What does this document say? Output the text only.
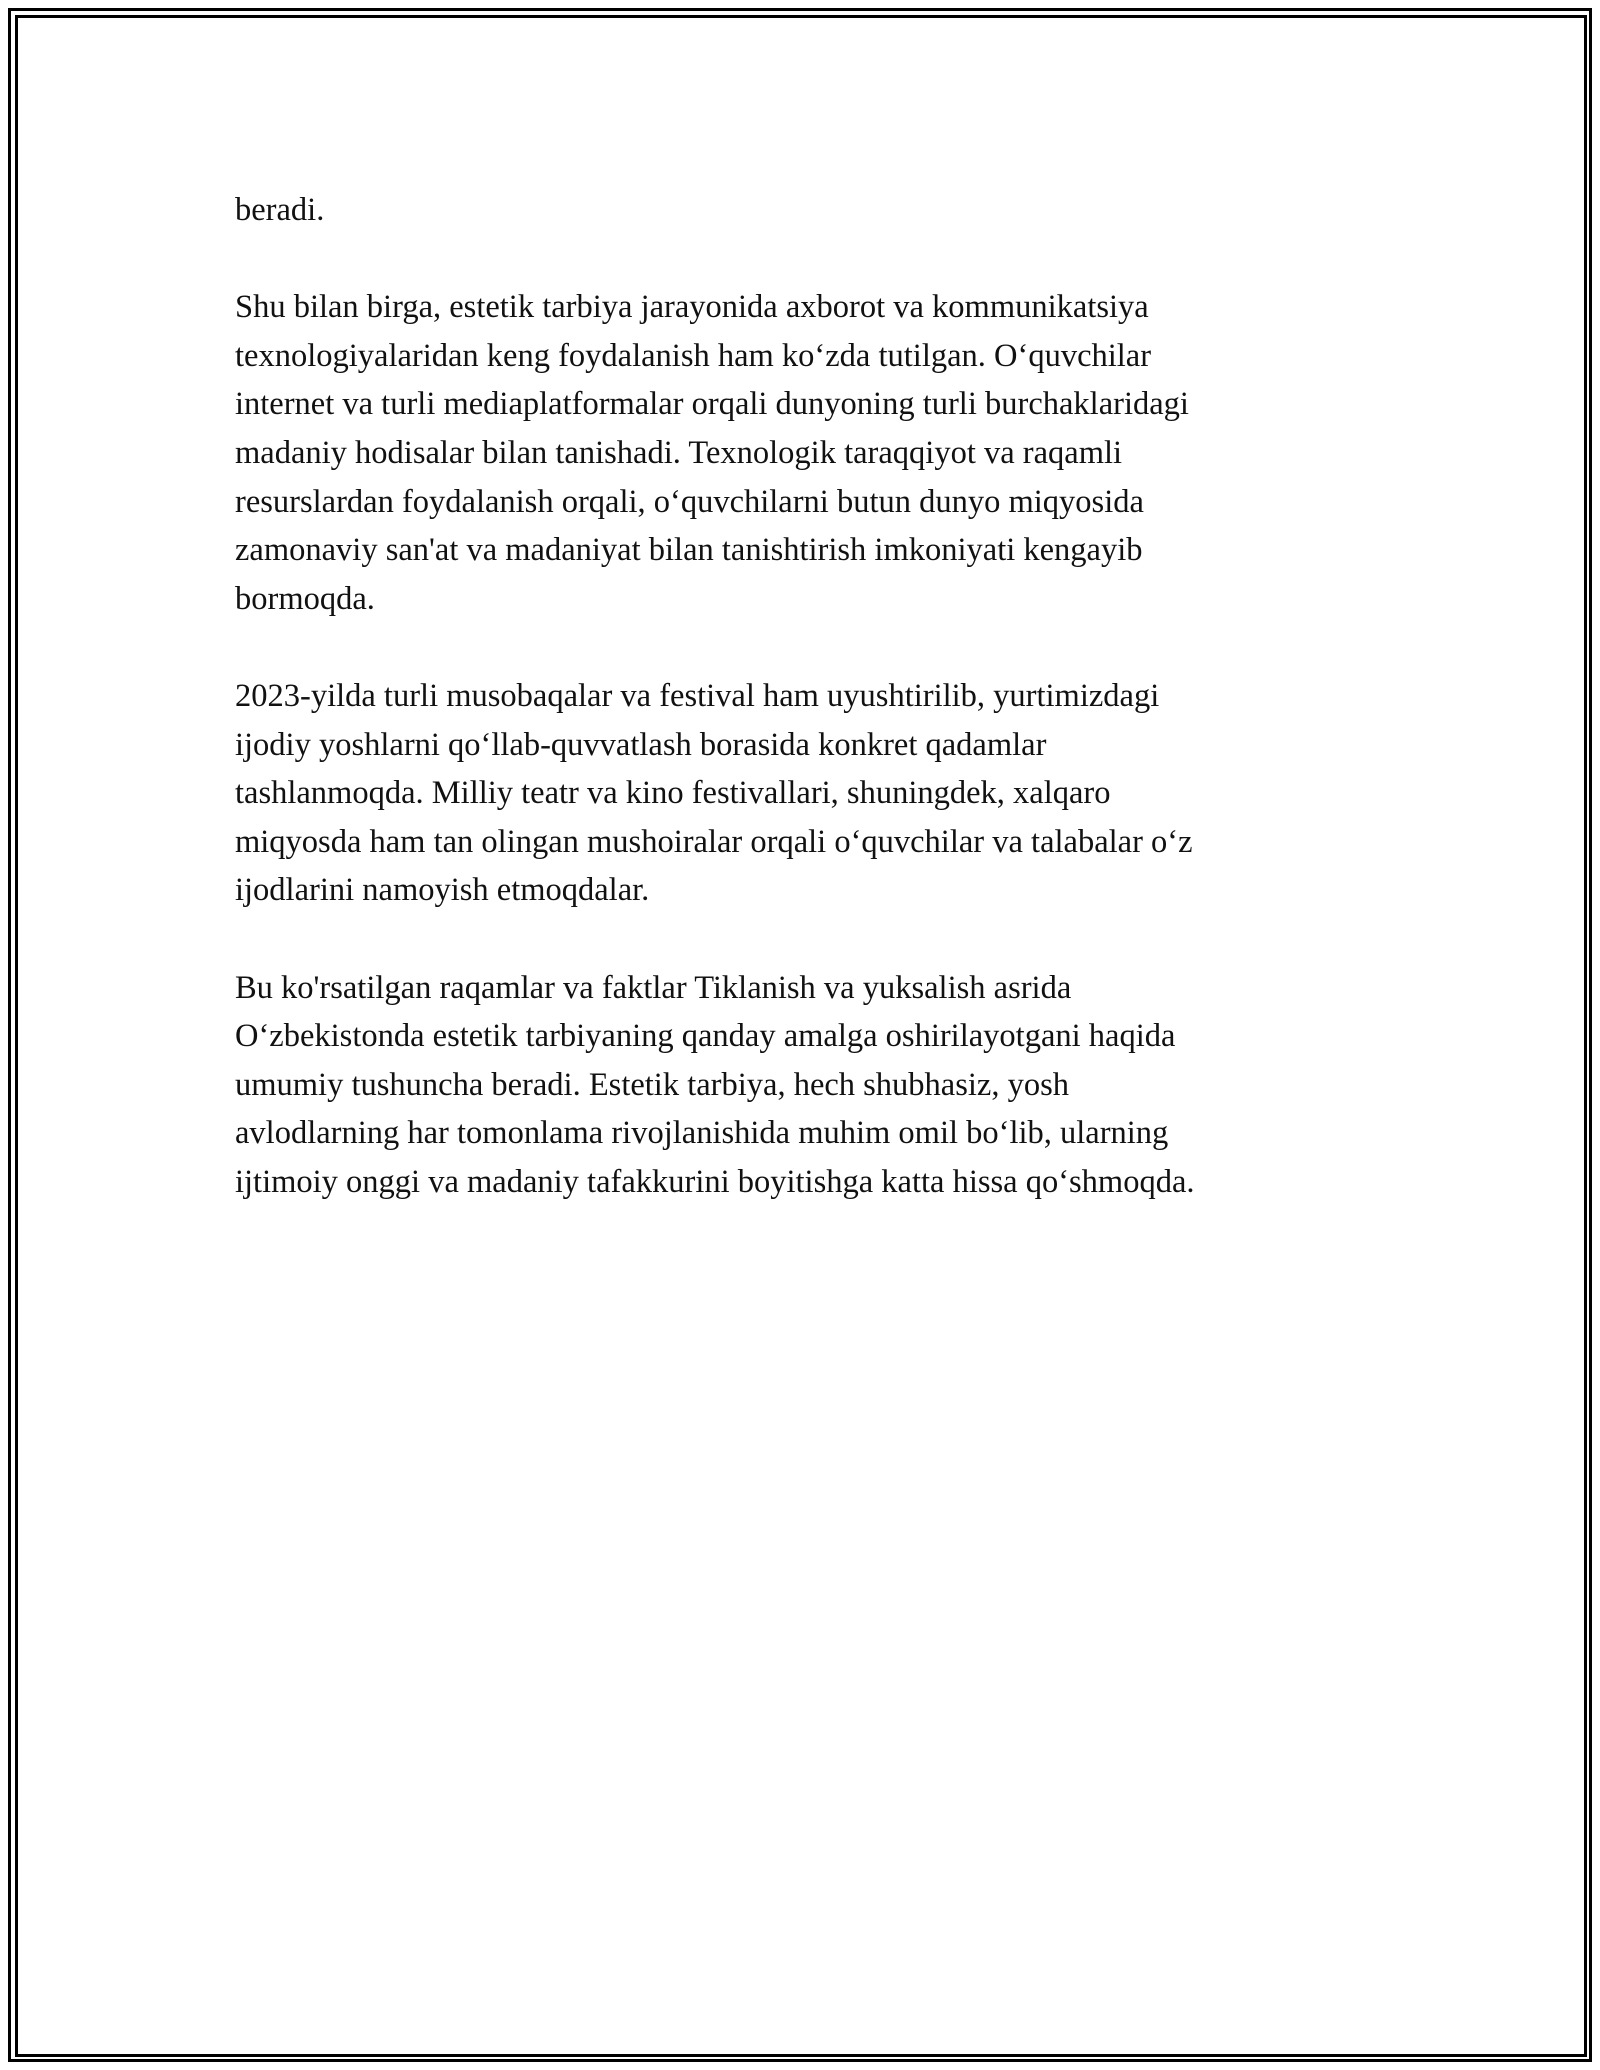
beradi.

Shu bilan birga, estetik tarbiya jarayonida axborot va kommunikatsiya
texnologiyalaridan keng foydalanish ham ko‘zda tutilgan. O‘quvchilar
internet va turli mediaplatformalar orqali dunyoning turli burchaklaridagi
madaniy hodisalar bilan tanishadi. Texnologik taraqqiyot va raqamli
resurslardan foydalanish orqali, o‘quvchilarni butun dunyo miqyosida
zamonaviy san'at va madaniyat bilan tanishtirish imkoniyati kengayib
bormoqda.

2023-yilda turli musobaqalar va festival ham uyushtirilib, yurtimizdagi
ijodiy yoshlarni qo‘llab-quvvatlash borasida konkret qadamlar
tashlanmoqda. Milliy teatr va kino festivallari, shuningdek, xalqaro
miqyosda ham tan olingan mushoiralar orqali o‘quvchilar va talabalar o‘z
ijodlarini namoyish etmoqdalar.

Bu ko'rsatilgan raqamlar va faktlar Tiklanish va yuksalish asrida
O‘zbekistonda estetik tarbiyaning qanday amalga oshirilayotgani haqida
umumiy tushuncha beradi. Estetik tarbiya, hech shubhasiz, yosh
avlodlarning har tomonlama rivojlanishida muhim omil bo‘lib, ularning
ijtimoiy onggi va madaniy tafakkurini boyitishga katta hissa qo‘shmoqda.
